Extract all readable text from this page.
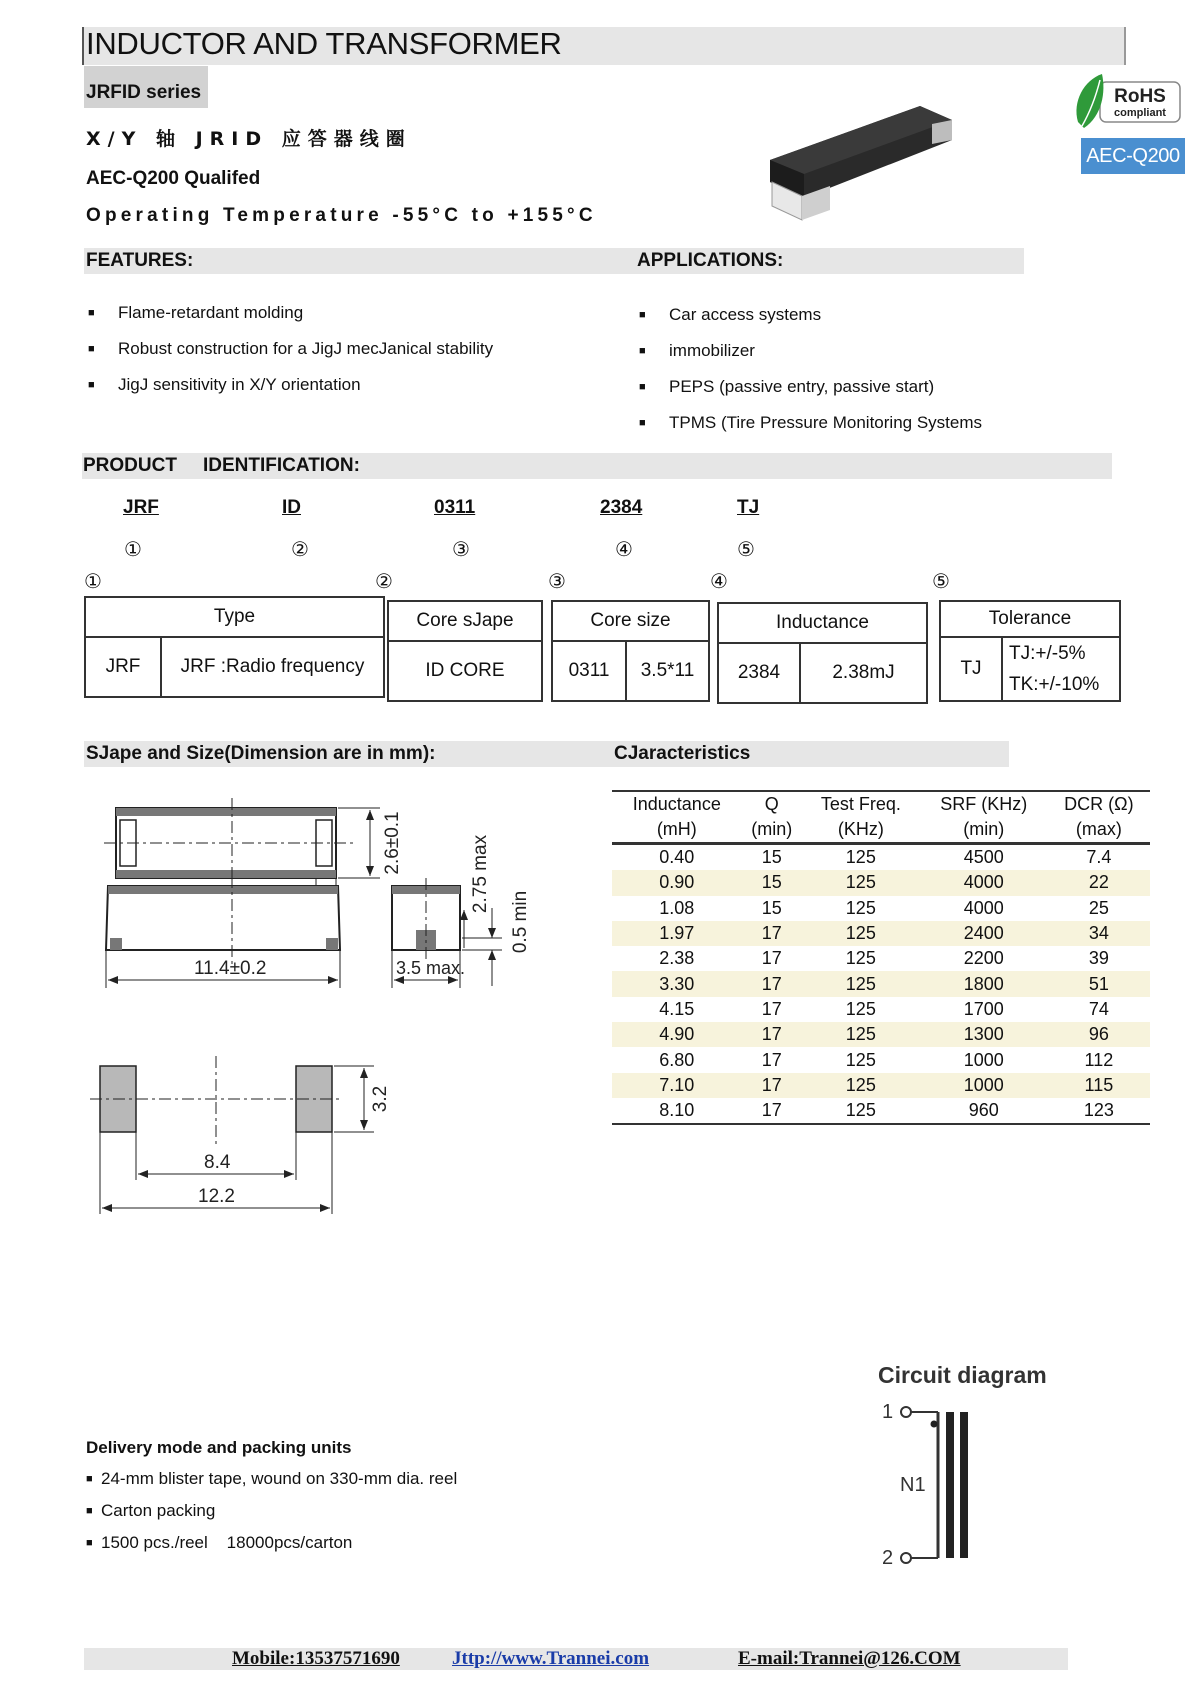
INDUCTOR AND TRANSFORMER
JRFID series
X/Y 轴 JRID 应答器线圈
AEC-Q200 Qualifed
Operating Temperature -55°C to +155°C
RoHS
compliant
AEC-Q200
FEATURES:	APPLICATIONS:
■ Flame-retardant molding
■ Robust construction for a JigJ mecJanical stability
■ JigJ sensitivity in X/Y orientation
■ Car access systems
■ immobilizer
■ PEPS (passive entry, passive start)
■ TPMS (Tire Pressure Monitoring Systems
PRODUCT IDENTIFICATION:
JRF	ID	0311	2384	TJ
①	②	③	④	⑤
①	②	③	④	⑤
Type
JRF	JRF :Radio frequency
Core sJape
ID CORE
Core size
0311	3.5*11
Inductance
2384	2.38mJ
Tolerance
TJ	
TJ:+/-5%
TK:+/-10%
SJape and Size(Dimension are in mm):	CJaracteristics
2.6±0.1	2.75 max
11.4±0.2	3.5 max.
0.5 min
3.2
8.4
12.2
Inductance	Q	Test Freq.	SRF (KHz)	DCR (Ω)
(mH)	(min)	(KHz)	(min)	(max)
0.40	15	125	4500	7.4
0.90	15	125	4000	22
1.08	15	125	4000	25
1.97	17	125	2400	34
2.38	17	125	2200	39
3.30	17	125	1800	51
4.15	17	125	1700	74
4.90	17	125	1300	96
6.80	17	125	1000	112
7.10	17	125	1000	115
8.10	17	125	960	123
Delivery mode and packing units
■ 24-mm blister tape, wound on 330-mm dia. reel
■ Carton packing
■ 1500 pcs./reel    18000pcs/carton
Circuit diagram
1
N1
2
Mobile:13537571690	Jttp://www.Trannei.com	E-mail:Trannei@126.COM
